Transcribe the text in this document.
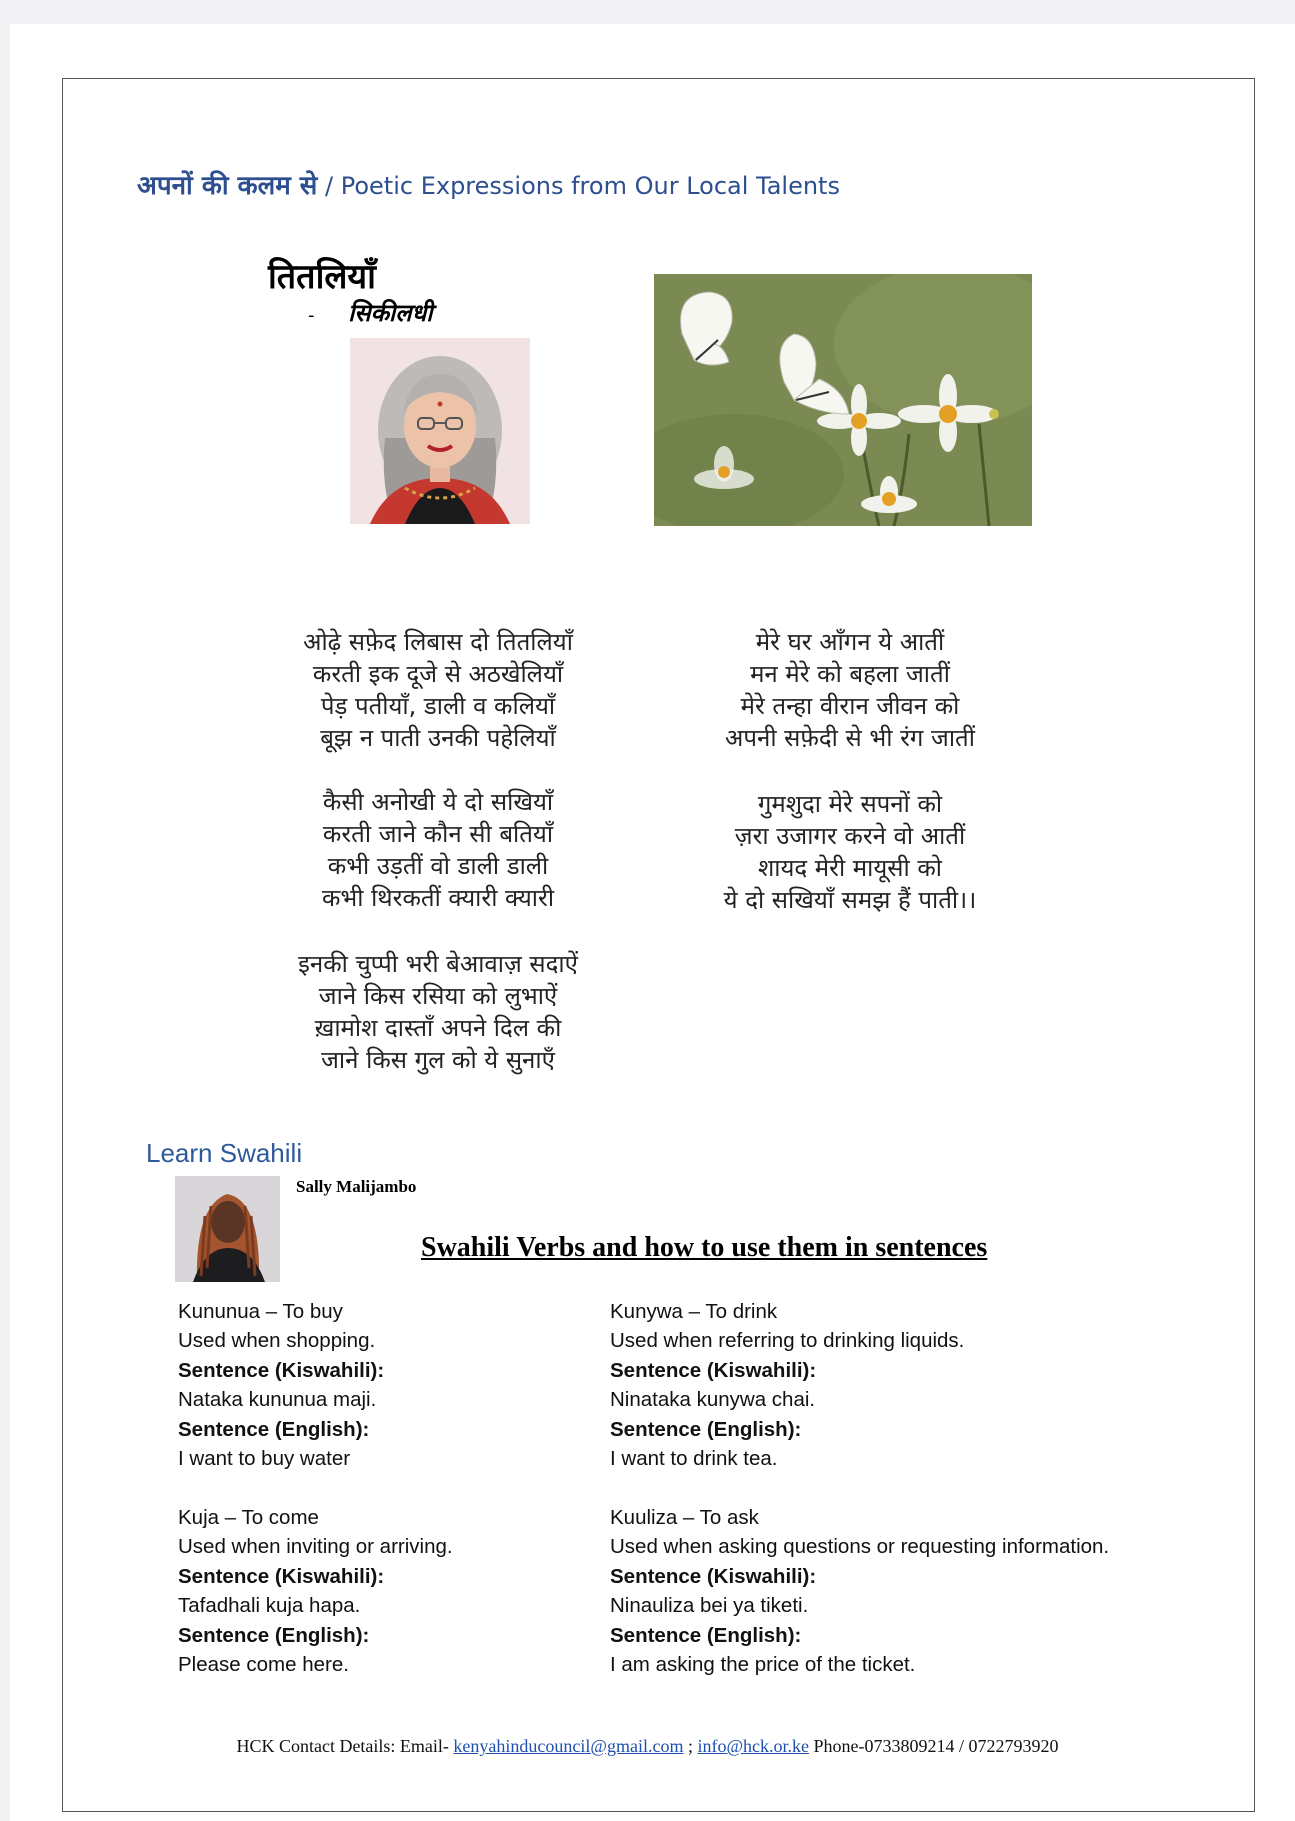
अपनों की कलम से / Poetic Expressions from Our Local Talents
तितलियाँ
- सिकीलधी
ओढ़े सफ़ेद लिबास दो तितलियॉं
करती इक दूजे से अठखेलियाँ
पेड़ पतीयाँ, डाली व कलियाँ
बूझ न पाती उनकी पहेलियाँ
कैसी अनोखी ये दो सखियाँ
करती जाने कौन सी बतियाँ
कभी उड़तीं वो डाली डाली
कभी थिरकतीं क्यारी क्यारी
इनकी चुप्पी भरी बेआवाज़ सदाऐं
जाने किस रसिया को लुभाऐं
ख़ामोश दास्ताँ अपने दिल की
जाने किस गुल को ये सुनाएँ
मेरे घर आँगन ये आतीं
मन मेरे को बहला जातीं
मेरे तन्हा वीरान जीवन को
अपनी सफ़ेदी से भी रंग जातीं
गुमशुदा मेरे सपनों को
ज़रा उजागर करने वो आतीं
शायद मेरी मायूसी को
ये दो सखियाँ समझ हैं पाती।।
Learn Swahili
Sally Malijambo
Swahili Verbs and how to use them in sentences
Kununua – To buy
Used when shopping.
Sentence (Kiswahili):
Nataka kununua maji.
Sentence (English):
I want to buy water
Kunywa – To drink
Used when referring to drinking liquids.
Sentence (Kiswahili):
Ninataka kunywa chai.
Sentence (English):
I want to drink tea.
Kuja – To come
Used when inviting or arriving.
Sentence (Kiswahili):
Tafadhali kuja hapa.
Sentence (English):
Please come here.
Kuuliza – To ask
Used when asking questions or requesting information.
Sentence (Kiswahili):
Ninauliza bei ya tiketi.
Sentence (English):
I am asking the price of the ticket.
HCK Contact Details: Email- kenyahinducouncil@gmail.com ; info@hck.or.ke Phone-0733809214 / 0722793920
